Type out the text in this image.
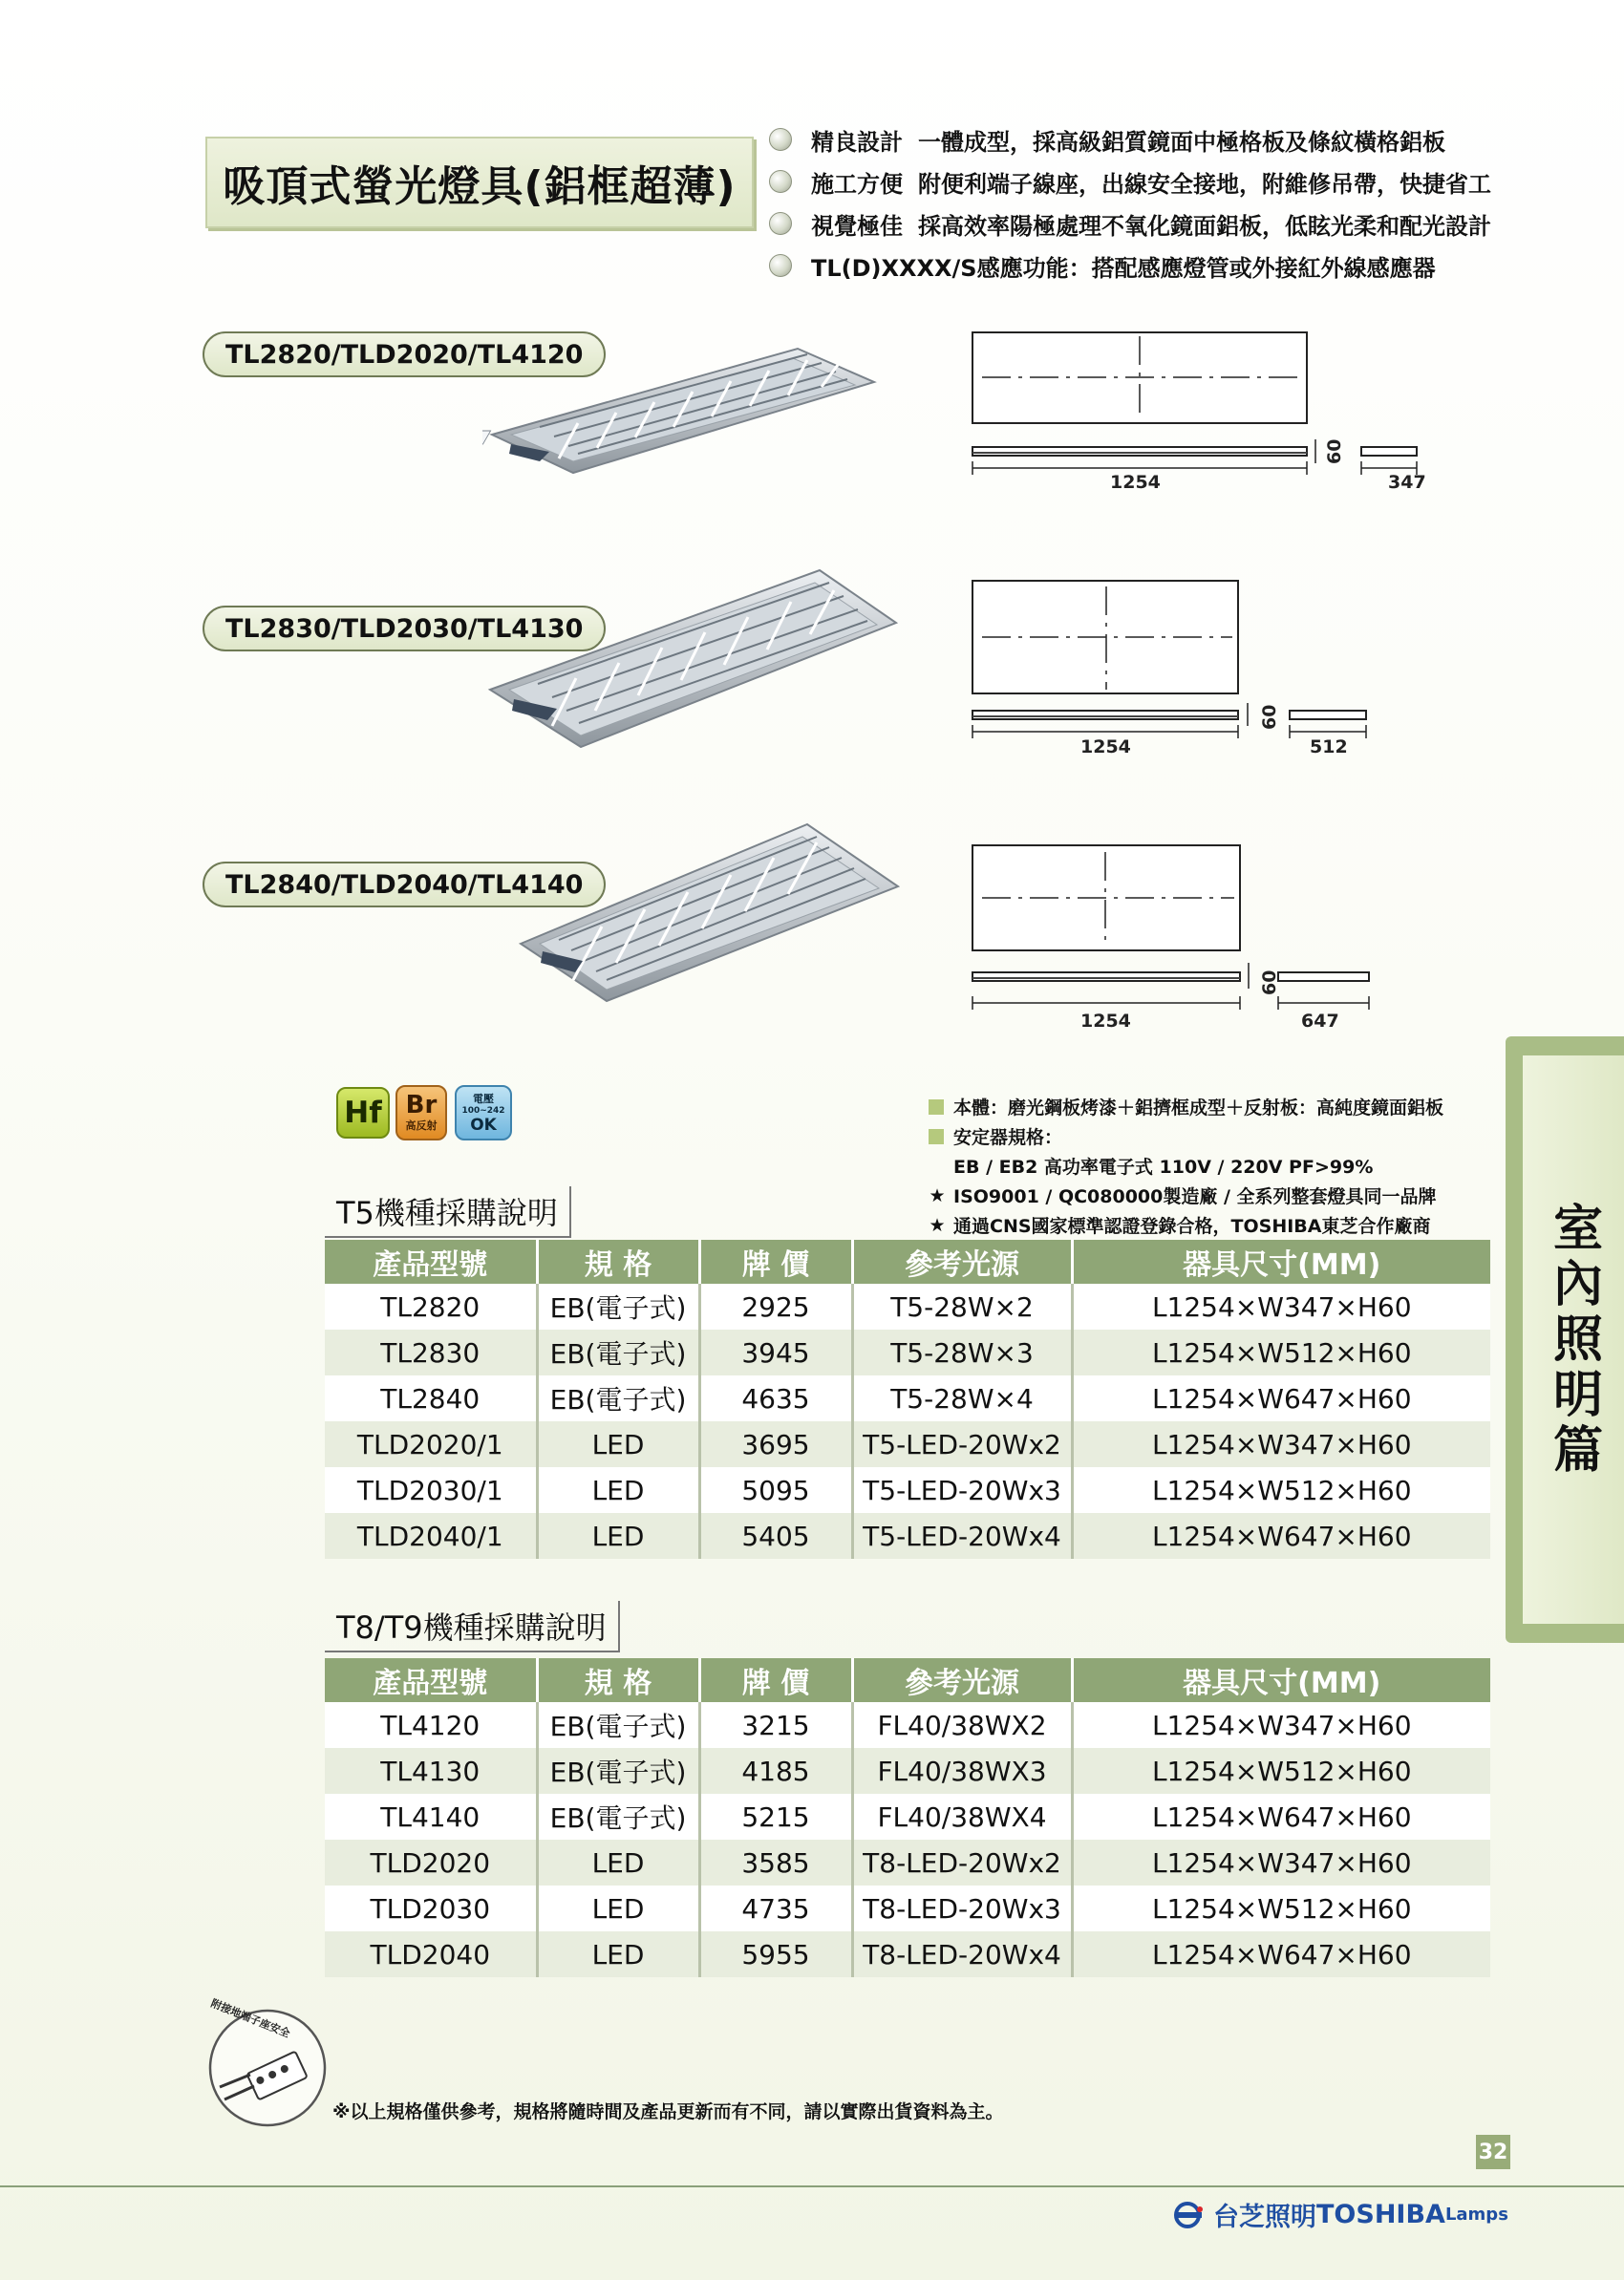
吸頂式螢光燈具(鋁框超薄)
精良設計 一體成型，採高級鋁質鏡面中極格板及條紋橫格鋁板
施工方便 附便利端子線座，出線安全接地，附維修吊帶，快捷省工
視覺極佳 採高效率陽極處理不氧化鏡面鋁板，低眩光柔和配光設計
TL(D)XXXX/S感應功能：搭配感應燈管或外接紅外線感應器
TL2820/TLD2020/TL4120
TL2830/TLD2030/TL4130
TL2840/TLD2040/TL4140
1254	347
60
1254	512
60
1254	647
60
Hf Br
高反射
電壓
100~242
OK
本體：磨光鋼板烤漆＋鋁擠框成型＋反射板：高純度鏡面鋁板
安定器規格：
EB / EB2 高功率電子式 110V / 220V PF>99%
★ ISO9001 / QC080000製造廠 / 全系列整套燈具同一品牌
★ 通過CNS國家標準認證登錄合格，TOSHIBA東芝合作廠商
T5機種採購說明
產品型號	規 格	牌 價	參考光源	器具尺寸(MM)
TL2820	EB(電子式)	2925	T5-28W×2	L1254×W347×H60
TL2830	EB(電子式)	3945	T5-28W×3	L1254×W512×H60
TL2840	EB(電子式)	4635	T5-28W×4	L1254×W647×H60
TLD2020/1	LED	3695	T5-LED-20Wx2	L1254×W347×H60
TLD2030/1	LED	5095	T5-LED-20Wx3	L1254×W512×H60
TLD2040/1	LED	5405	T5-LED-20Wx4	L1254×W647×H60
T8/T9機種採購說明
產品型號	規 格	牌 價	參考光源	器具尺寸(MM)
TL4120	EB(電子式)	3215	FL40/38WX2	L1254×W347×H60
TL4130	EB(電子式)	4185	FL40/38WX3	L1254×W512×H60
TL4140	EB(電子式)	5215	FL40/38WX4	L1254×W647×H60
TLD2020	LED	3585	T8-LED-20Wx2	L1254×W347×H60
TLD2030	LED	4735	T8-LED-20Wx3	L1254×W512×H60
TLD2040	LED	5955	T8-LED-20Wx4	L1254×W647×H60
附接地端子座安全
室內照明篇
※以上規格僅供參考，規格將隨時間及產品更新而有不同，請以實際出貨資料為主。
32
台芝照明 TOSHIBA Lamps
